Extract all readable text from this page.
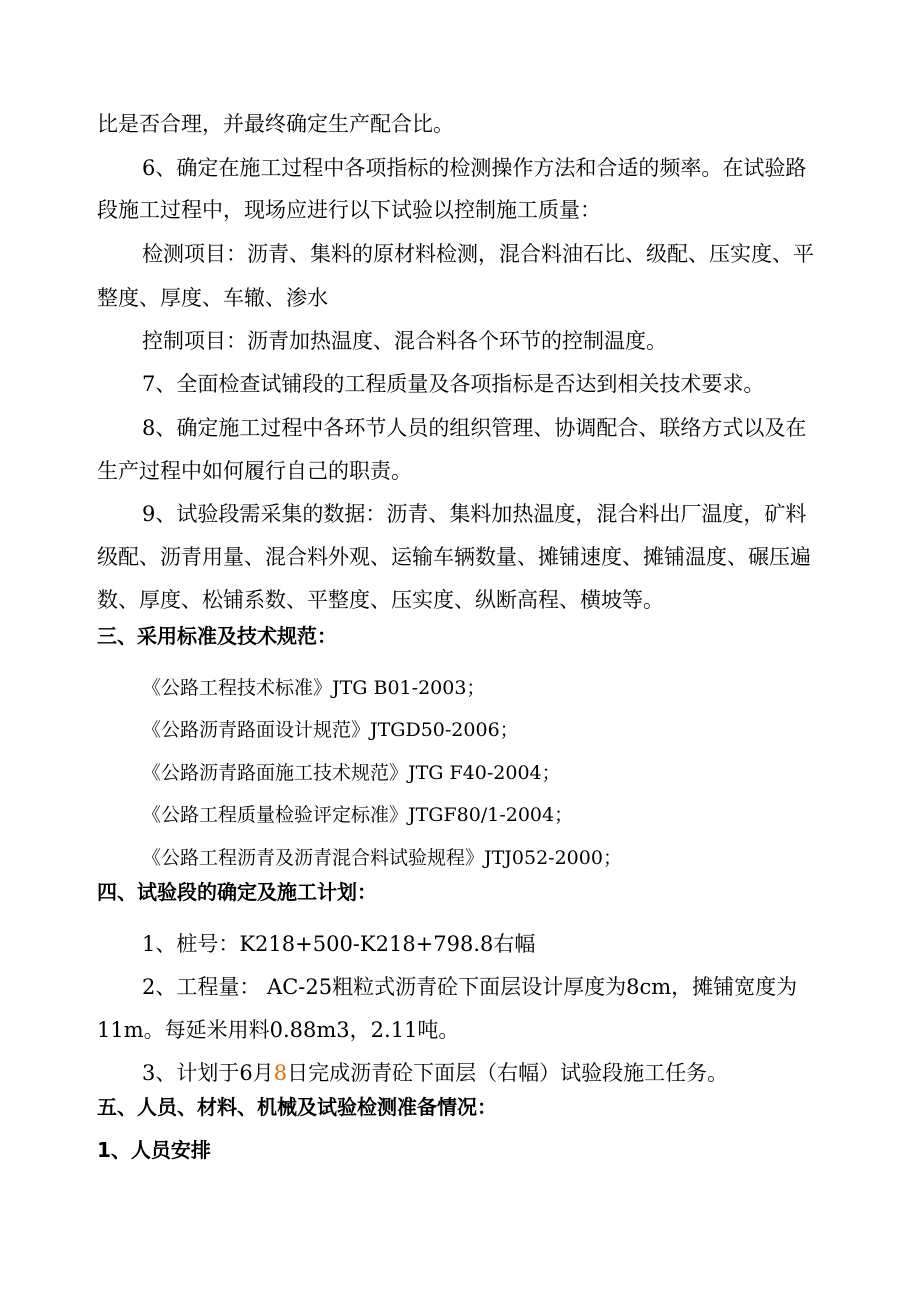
比是否合理，并最终确定生产配合比。
6、确定在施工过程中各项指标的检测操作方法和合适的频率。在试验路
段施工过程中，现场应进行以下试验以控制施工质量：
检测项目：沥青、集料的原材料检测，混合料油石比、级配、压实度、平
整度、厚度、车辙、渗水
控制项目：沥青加热温度、混合料各个环节的控制温度。
7、全面检查试铺段的工程质量及各项指标是否达到相关技术要求。
8、确定施工过程中各环节人员的组织管理、协调配合、联络方式以及在
生产过程中如何履行自己的职责。
9、试验段需采集的数据：沥青、集料加热温度，混合料出厂温度，矿料
级配、沥青用量、混合料外观、运输车辆数量、摊铺速度、摊铺温度、碾压遍
数、厚度、松铺系数、平整度、压实度、纵断高程、横坡等。
三、采用标准及技术规范：
《公路工程技术标准》JTG B01-2003；
《公路沥青路面设计规范》JTGD50-2006；
《公路沥青路面施工技术规范》JTG F40-2004；
《公路工程质量检验评定标准》JTGF80/1-2004；
《公路工程沥青及沥青混合料试验规程》JTJ052-2000；
四、试验段的确定及施工计划：
1、桩号：K218+500-K218+798.8右幅
2、工程量： AC-25粗粒式沥青砼下面层设计厚度为8cm，摊铺宽度为
11m。每延米用料0.88m3，2.11吨。
3、计划于6月8日完成沥青砼下面层（右幅）试验段施工任务。
五、人员、材料、机械及试验检测准备情况：
1、人员安排
